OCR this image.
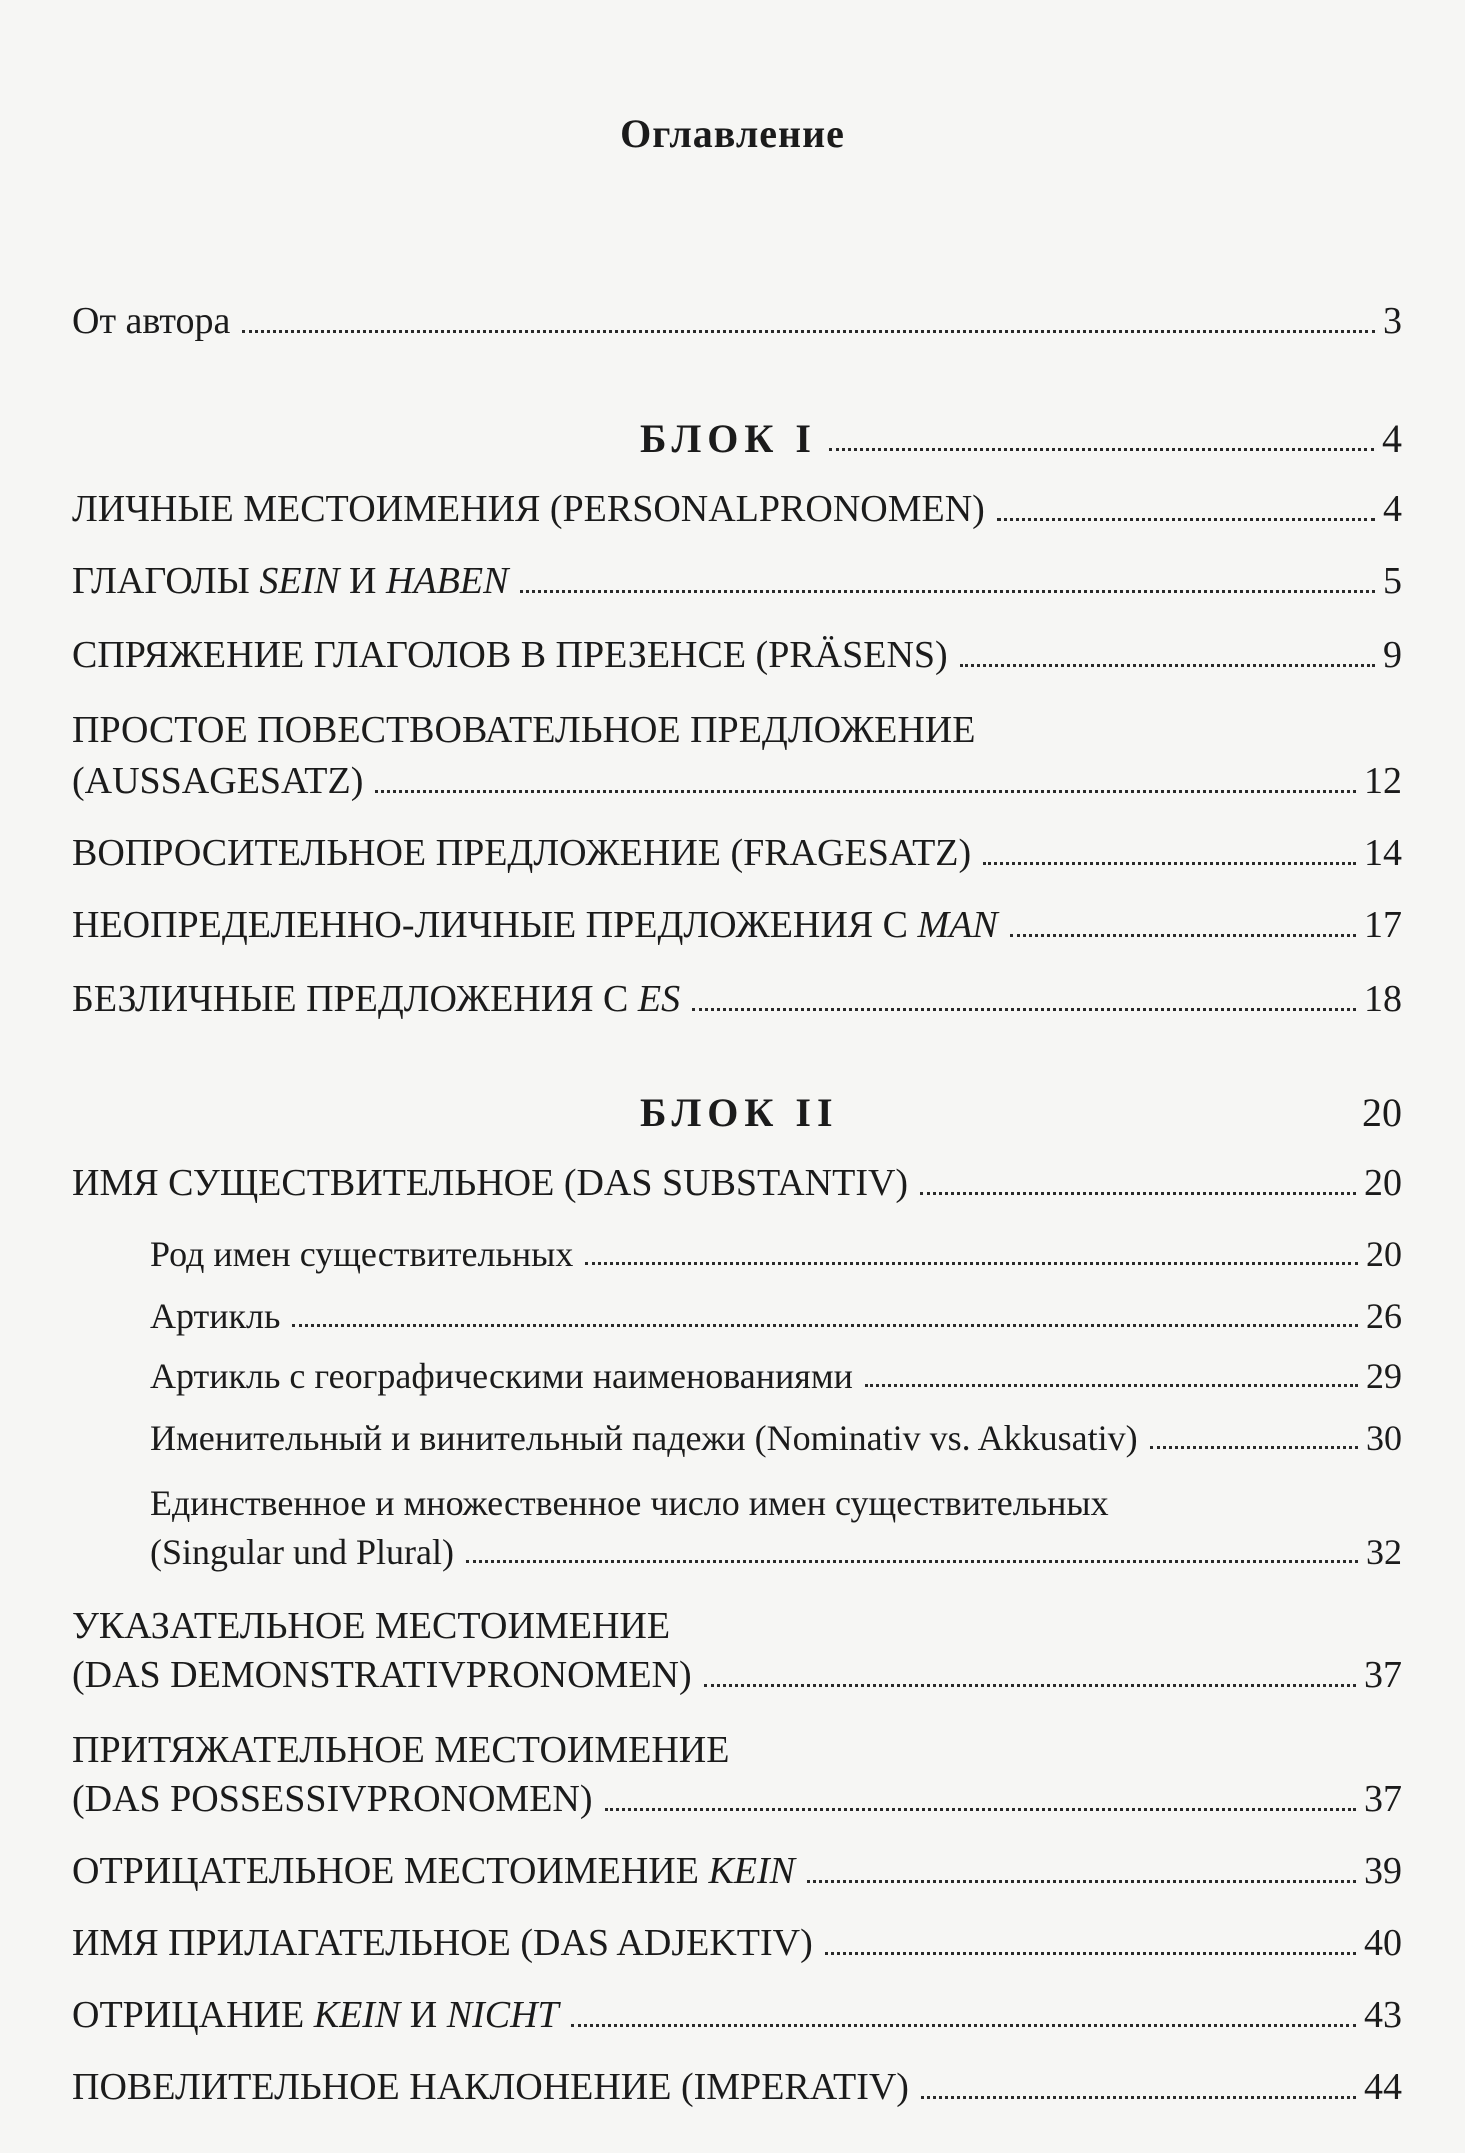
Оглавление
От автора	3
БЛОК I	4
ЛИЧНЫЕ МЕСТОИМЕНИЯ (PERSONALPRONOMEN)	4
ГЛАГОЛЫ SEIN И HABEN	5
СПРЯЖЕНИЕ ГЛАГОЛОВ В ПРЕЗЕНСЕ (PRÄSENS)	9
ПРОСТОЕ ПОВЕСТВОВАТЕЛЬНОЕ ПРЕДЛОЖЕНИЕ
(AUSSAGESATZ)	12
ВОПРОСИТЕЛЬНОЕ ПРЕДЛОЖЕНИЕ (FRAGESATZ)	14
НЕОПРЕДЕЛЕННО-ЛИЧНЫЕ ПРЕДЛОЖЕНИЯ С MAN	17
БЕЗЛИЧНЫЕ ПРЕДЛОЖЕНИЯ С ES	18
БЛОК II	20
ИМЯ СУЩЕСТВИТЕЛЬНОЕ (DAS SUBSTANTIV)	20
Род имен существительных	20
Артикль	26
Артикль с географическими наименованиями	29
Именительный и винительный падежи (Nominativ vs. Akkusativ)	30
Единственное и множественное число имен существительных
(Singular und Plural)	32
УКАЗАТЕЛЬНОЕ МЕСТОИМЕНИЕ
(DAS DEMONSTRATIVPRONOMEN)	37
ПРИТЯЖАТЕЛЬНОЕ МЕСТОИМЕНИЕ
(DAS POSSESSIVPRONOMEN)	37
ОТРИЦАТЕЛЬНОЕ МЕСТОИМЕНИЕ KEIN	39
ИМЯ ПРИЛАГАТЕЛЬНОЕ (DAS ADJEKTIV)	40
ОТРИЦАНИЕ KEIN И NICHT	43
ПОВЕЛИТЕЛЬНОЕ НАКЛОНЕНИЕ (IMPERATIV)	44
